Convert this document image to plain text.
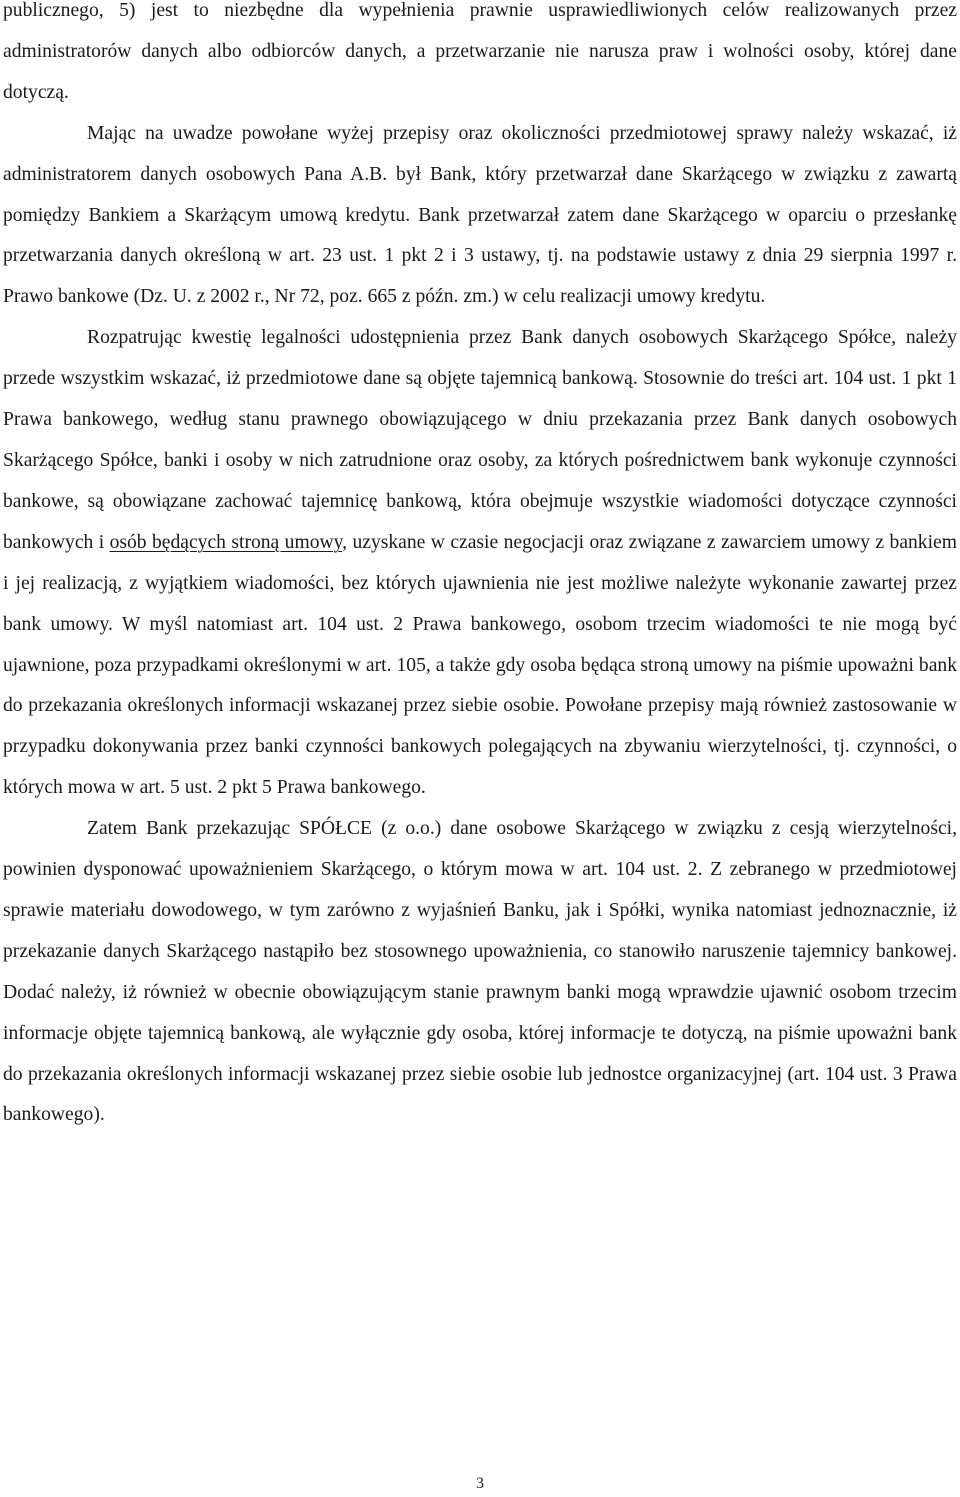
publicznego, 5) jest to niezbędne dla wypełnienia prawnie usprawiedliwionych celów realizowanych przez administratorów danych albo odbiorców danych, a przetwarzanie nie narusza praw i wolności osoby, której dane dotyczą.

Mając na uwadze powołane wyżej przepisy oraz okoliczności przedmiotowej sprawy należy wskazać, iż administratorem danych osobowych Pana A.B. był Bank, który przetwarzał dane Skarżącego w związku z zawartą pomiędzy Bankiem a Skarżącym umową kredytu. Bank przetwarzał zatem dane Skarżącego w oparciu o przesłankę przetwarzania danych określoną w art. 23 ust. 1 pkt 2 i 3 ustawy, tj. na podstawie ustawy z dnia 29 sierpnia 1997 r. Prawo bankowe (Dz. U. z 2002 r., Nr 72, poz. 665 z późn. zm.) w celu realizacji umowy kredytu.

Rozpatrując kwestię legalności udostępnienia przez Bank danych osobowych Skarżącego Spółce, należy przede wszystkim wskazać, iż przedmiotowe dane są objęte tajemnicą bankową. Stosownie do treści art. 104 ust. 1 pkt 1 Prawa bankowego, według stanu prawnego obowiązującego w dniu przekazania przez Bank danych osobowych Skarżącego Spółce, banki i osoby w nich zatrudnione oraz osoby, za których pośrednictwem bank wykonuje czynności bankowe, są obowiązane zachować tajemnicę bankową, która obejmuje wszystkie wiadomości dotyczące czynności bankowych i osób będących stroną umowy, uzyskane w czasie negocjacji oraz związane z zawarciem umowy z bankiem i jej realizacją, z wyjątkiem wiadomości, bez których ujawnienia nie jest możliwe należyte wykonanie zawartej przez bank umowy. W myśl natomiast art. 104 ust. 2 Prawa bankowego, osobom trzecim wiadomości te nie mogą być ujawnione, poza przypadkami określonymi w art. 105, a także gdy osoba będąca stroną umowy na piśmie upoważni bank do przekazania określonych informacji wskazanej przez siebie osobie. Powołane przepisy mają również zastosowanie w przypadku dokonywania przez banki czynności bankowych polegających na zbywaniu wierzytelności, tj. czynności, o których mowa w art. 5 ust. 2 pkt 5 Prawa bankowego.

Zatem Bank przekazując SPÓŁCE (z o.o.) dane osobowe Skarżącego w związku z cesją wierzytelności, powinien dysponować upoważnieniem Skarżącego, o którym mowa w art. 104 ust. 2. Z zebranego w przedmiotowej sprawie materiału dowodowego, w tym zarówno z wyjaśnień Banku, jak i Spółki, wynika natomiast jednoznacznie, iż przekazanie danych Skarżącego nastąpiło bez stosownego upoważnienia, co stanowiło naruszenie tajemnicy bankowej. Dodać należy, iż również w obecnie obowiązującym stanie prawnym banki mogą wprawdzie ujawnić osobom trzecim informacje objęte tajemnicą bankową, ale wyłącznie gdy osoba, której informacje te dotyczą, na piśmie upoważni bank do przekazania określonych informacji wskazanej przez siebie osobie lub jednostce organizacyjnej (art. 104 ust. 3 Prawa bankowego).

3
